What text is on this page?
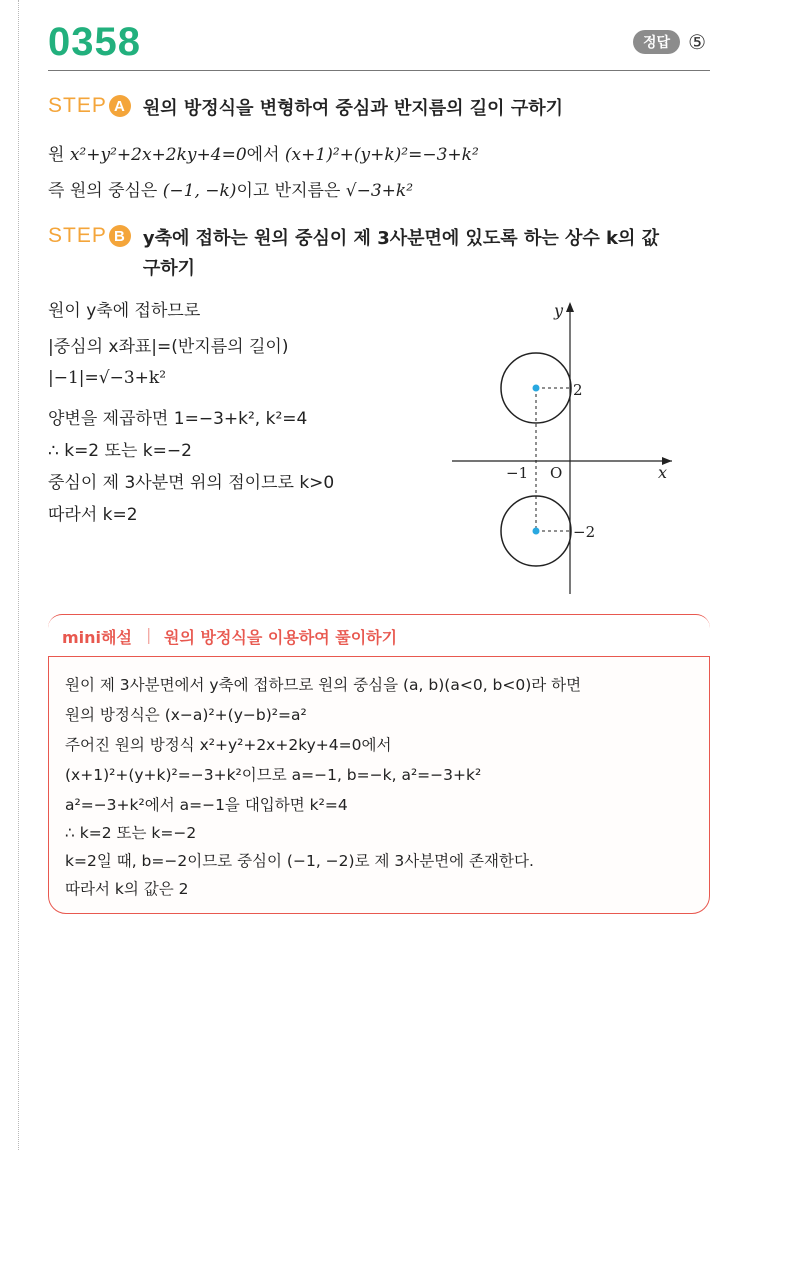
0358	정답 ⑤
STEP A 원의 방정식을 변형하여 중심과 반지름의 길이 구하기
원 x²+y²+2x+2ky+4=0에서 (x+1)²+(y+k)²=−3+k²
즉 원의 중심은 (−1, −k)이고 반지름은 √−3+k²
STEP B y축에 접하는 원의 중심이 제 3사분면에 있도록 하는 상수 k의 값
구하기
원이 y축에 접하므로
|중심의 x좌표|=(반지름의 길이)
|−1|=√−3+k²
양변을 제곱하면 1=−3+k², k²=4
∴ k=2 또는 k=−2
중심이 제 3사분면 위의 점이므로 k>0
따라서 k=2
y
x
O
−1
2
−2
mini해설 | 원의 방정식을 이용하여 풀이하기
원이 제 3사분면에서 y축에 접하므로 원의 중심을 (a, b)(a<0, b<0)라 하면
원의 방정식은 (x−a)²+(y−b)²=a²
주어진 원의 방정식 x²+y²+2x+2ky+4=0에서
(x+1)²+(y+k)²=−3+k²이므로 a=−1, b=−k, a²=−3+k²
a²=−3+k²에서 a=−1을 대입하면 k²=4
∴ k=2 또는 k=−2
k=2일 때, b=−2이므로 중심이 (−1, −2)로 제 3사분면에 존재한다.
따라서 k의 값은 2
